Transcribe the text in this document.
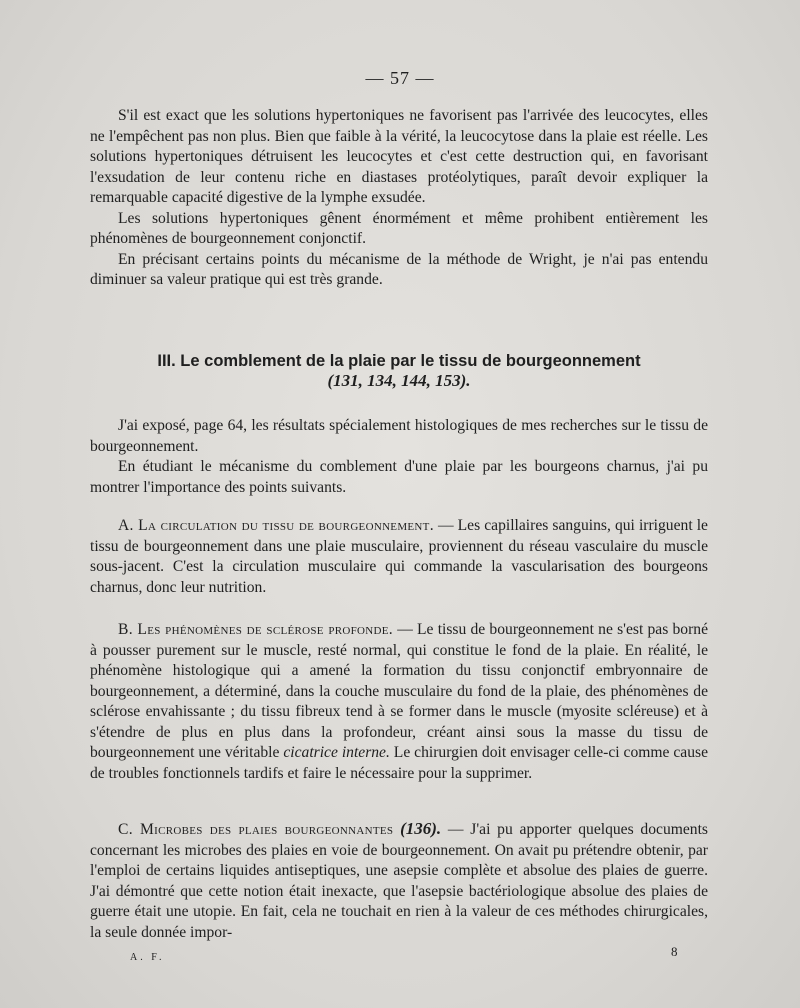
— 57 —

S'il est exact que les solutions hypertoniques ne favorisent pas l'arrivée des leucocytes, elles ne l'empêchent pas non plus. Bien que faible à la vérité, la leucocytose dans la plaie est réelle. Les solutions hypertoniques détruisent les leucocytes et c'est cette destruction qui, en favorisant l'exsudation de leur contenu riche en diastases protéolytiques, paraît devoir expliquer la remarquable capacité digestive de la lymphe exsudée.

Les solutions hypertoniques gênent énormément et même prohibent entièrement les phénomènes de bourgeonnement conjonctif.

En précisant certains points du mécanisme de la méthode de Wright, je n'ai pas entendu diminuer sa valeur pratique qui est très grande.

III. Le comblement de la plaie par le tissu de bourgeonnement
(131, 134, 144, 153).

J'ai exposé, page 64, les résultats spécialement histologiques de mes recherches sur le tissu de bourgeonnement.

En étudiant le mécanisme du comblement d'une plaie par les bourgeons charnus, j'ai pu montrer l'importance des points suivants.

A. La circulation du tissu de bourgeonnement. — Les capillaires sanguins, qui irriguent le tissu de bourgeonnement dans une plaie musculaire, proviennent du réseau vasculaire du muscle sous-jacent. C'est la circulation musculaire qui commande la vascularisation des bourgeons charnus, donc leur nutrition.

B. Les phénomènes de sclérose profonde. — Le tissu de bourgeonnement ne s'est pas borné à pousser purement sur le muscle, resté normal, qui constitue le fond de la plaie. En réalité, le phénomène histologique qui a amené la formation du tissu conjonctif embryonnaire de bourgeonnement, a déterminé, dans la couche musculaire du fond de la plaie, des phénomènes de sclérose envahissante ; du tissu fibreux tend à se former dans le muscle (myosite scléreuse) et à s'étendre de plus en plus dans la profondeur, créant ainsi sous la masse du tissu de bourgeonnement une véritable cicatrice interne. Le chirurgien doit envisager celle-ci comme cause de troubles fonctionnels tardifs et faire le nécessaire pour la supprimer.

C. Microbes des plaies bourgeonnantes (136). — J'ai pu apporter quelques documents concernant les microbes des plaies en voie de bourgeonnement. On avait pu prétendre obtenir, par l'emploi de certains liquides antiseptiques, une asepsie complète et absolue des plaies de guerre. J'ai démontré que cette notion était inexacte, que l'asepsie bactériologique absolue des plaies de guerre était une utopie. En fait, cela ne touchait en rien à la valeur de ces méthodes chirurgicales, la seule donnée impor-

A. F.	8
